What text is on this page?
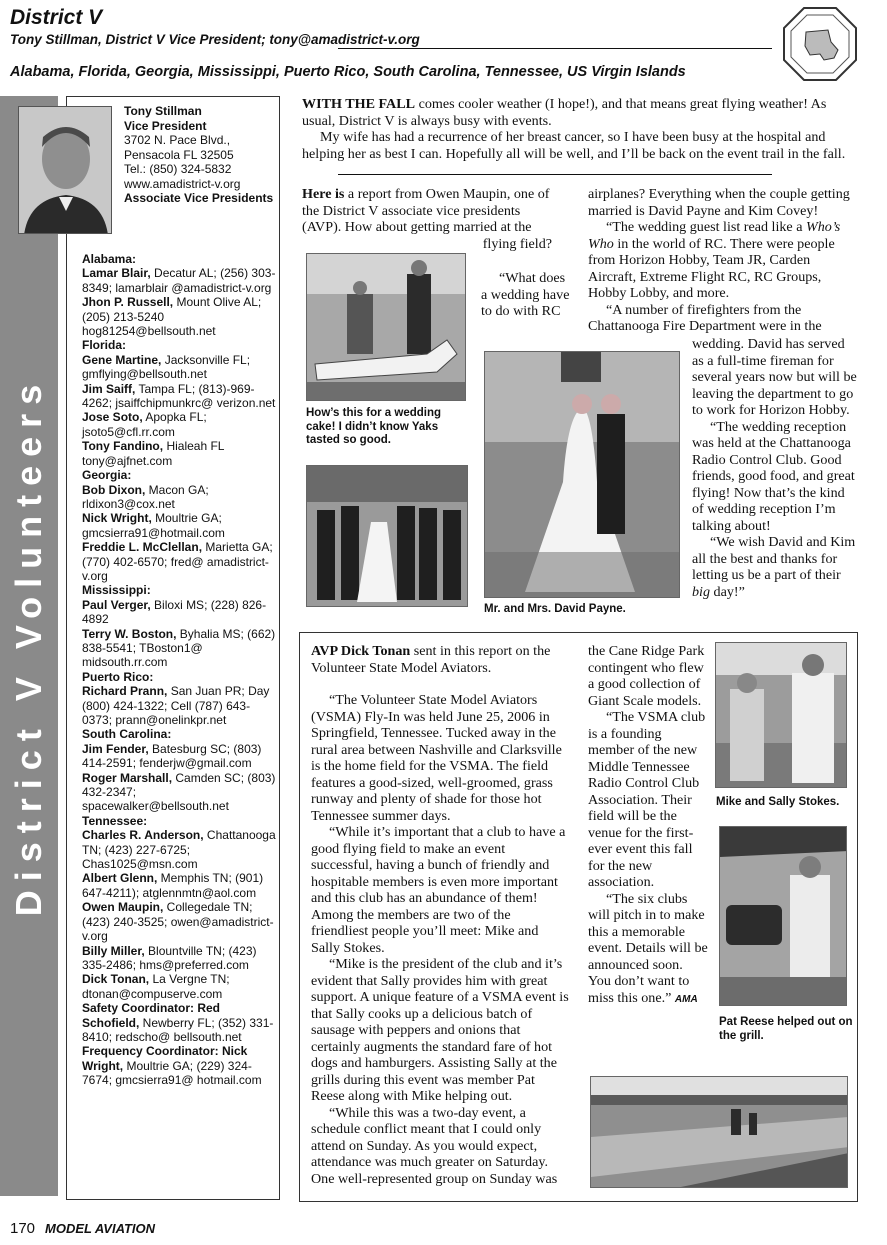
District V
Tony Stillman, District V Vice President; tony@amadistrict-v.org
Alabama, Florida, Georgia, Mississippi, Puerto Rico, South Carolina, Tennessee, US Virgin Islands
District V Volunteers
Tony Stillman
Vice President
3702 N. Pace Blvd.,
Pensacola FL 32505
Tel.: (850) 324-5832
www.amadistrict-v.org
Associate Vice Presidents

Alabama:

Lamar Blair, Decatur AL; (256) 303-8349; lamarblair @amadistrict-v.org

Jhon P. Russell, Mount Olive AL; (205) 213-5240 hog81254@bellsouth.net

Florida:

Gene Martine, Jacksonville FL; gmflying@bellsouth.net

Jim Saiff, Tampa FL; (813)-969-4262; jsaiffchipmunkrc@ verizon.net

Jose Soto, Apopka FL; jsoto5@cfl.rr.com

Tony Fandino, Hialeah FL tony@ajfnet.com

Georgia:

Bob Dixon, Macon GA; rldixon3@cox.net

Nick Wright, Moultrie GA; gmcsierra91@hotmail.com

Freddie L. McClellan, Marietta GA; (770) 402-6570; fred@ amadistrict-v.org

Mississippi:

Paul Verger, Biloxi MS; (228) 826-4892

Terry W. Boston, Byhalia MS; (662) 838-5541; TBoston1@ midsouth.rr.com

Puerto Rico:

Richard Prann, San Juan PR; Day (800) 424-1322; Cell (787) 643-0373; prann@onelinkpr.net

South Carolina:

Jim Fender, Batesburg SC; (803) 414-2591; fenderjw@gmail.com

Roger Marshall, Camden SC; (803) 432-2347; spacewalker@bellsouth.net

Tennessee:

Charles R. Anderson, Chattanooga TN; (423) 227-6725; Chas1025@msn.com

Albert Glenn, Memphis TN; (901) 647-4211); atglennmtn@aol.com

Owen Maupin, Collegedale TN; (423) 240-3525; owen@amadistrict-v.org

Billy Miller, Blountville TN; (423) 335-2486; hms@preferred.com

Dick Tonan, La Vergne TN; dtonan@compuserve.com

Safety Coordinator: Red Schofield, Newberry FL; (352) 331-8410; redscho@ bellsouth.net

Frequency Coordinator: Nick Wright, Moultrie GA; (229) 324-7674; gmcsierra91@ hotmail.com

WITH THE FALL comes cooler weather (I hope!), and that means great flying weather! As usual, District V is always busy with events.

My wife has had a recurrence of her breast cancer, so I have been busy at the hospital and helping her as best I can. Hopefully all will be well, and I’ll be back on the event trail in the fall.

Here is a report from Owen Maupin, one of the District V associate vice presidents (AVP). How about getting married at the

flying field?

How’s this for a wedding cake! I didn’t know Yaks tasted so good.

“What does a wedding have to do with RC

Mr. and Mrs. David Payne.

airplanes? Everything when the couple getting married is David Payne and Kim Covey!

“The wedding guest list read like a Who’s Who in the world of RC. There were people from Horizon Hobby, Team JR, Carden Aircraft, Extreme Flight RC, RC Groups, Hobby Lobby, and more.

“A number of firefighters from the Chattanooga Fire Department were in the

wedding. David has served as a full-time fireman for several years now but will be leaving the department to go to work for Horizon Hobby.

“The wedding reception was held at the Chattanooga Radio Control Club. Good friends, good food, and great flying! Now that’s the kind of wedding reception I’m talking about!

“We wish David and Kim all the best and thanks for letting us be a part of their big day!”

AVP Dick Tonan sent in this report on the Volunteer State Model Aviators.

“The Volunteer State Model Aviators (VSMA) Fly-In was held June 25, 2006 in Springfield, Tennessee. Tucked away in the rural area between Nashville and Clarksville is the home field for the VSMA. The field features a good-sized, well-groomed, grass runway and plenty of shade for those hot Tennessee summer days.

“While it’s important that a club to have a good flying field to make an event successful, having a bunch of friendly and hospitable members is even more important and this club has an abundance of them! Among the members are two of the friendliest people you’ll meet: Mike and Sally Stokes.

“Mike is the president of the club and it’s evident that Sally provides him with great support. A unique feature of a VSMA event is that Sally cooks up a delicious batch of sausage with peppers and onions that certainly augments the standard fare of hot dogs and hamburgers. Assisting Sally at the grills during this event was member Pat Reese along with Mike helping out.

“While this was a two-day event, a schedule conflict meant that I could only attend on Sunday. As you would expect, attendance was much greater on Saturday. One well-represented group on Sunday was

the Cane Ridge Park contingent who flew a good collection of Giant Scale models.

“The VSMA club is a founding member of the new Middle Tennessee Radio Control Club Association. Their field will be the venue for the first-ever event this fall for the new association.

“The six clubs will pitch in to make this a memorable event. Details will be announced soon. You don’t want to miss this one.” AMA

Mike and Sally Stokes.
Pat Reese helped out on the grill.
170 MODEL AVIATION
